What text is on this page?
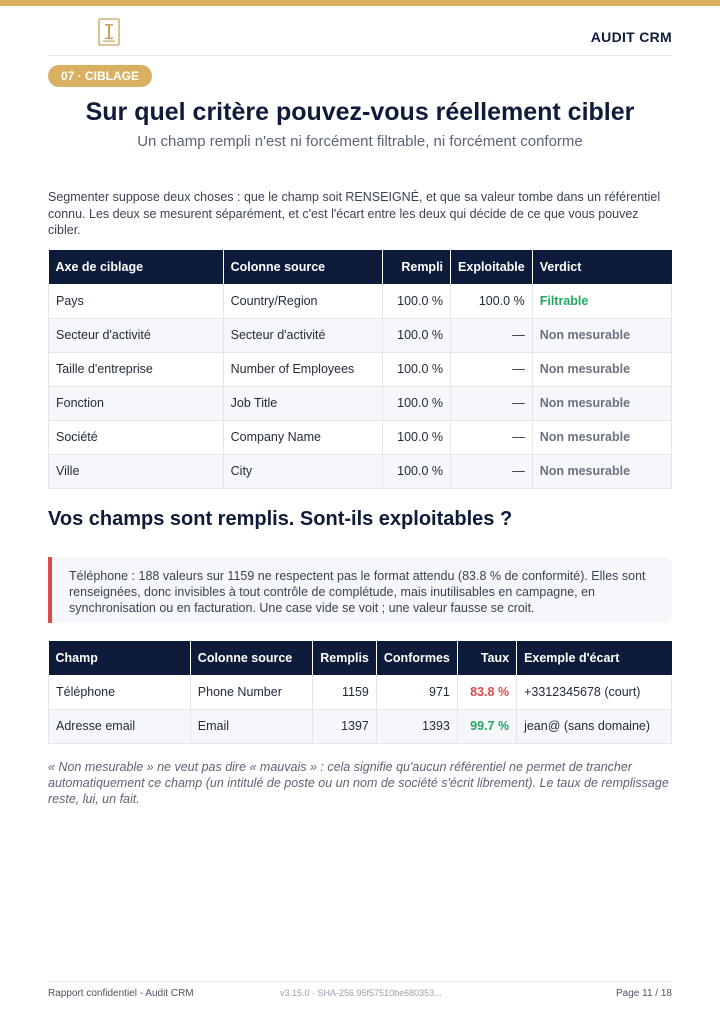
AUDIT CRM
07 · CIBLAGE
Sur quel critère pouvez-vous réellement cibler
Un champ rempli n'est ni forcément filtrable, ni forcément conforme
Segmenter suppose deux choses : que le champ soit RENSEIGNÉ, et que sa valeur tombe dans un référentiel connu. Les deux se mesurent séparément, et c'est l'écart entre les deux qui décide de ce que vous pouvez cibler.
Axe de ciblage	Colonne source	Rempli	Exploitable	Verdict
Pays	Country/Region	100.0 %	100.0 %	Filtrable
Secteur d'activité	Secteur d'activité	100.0 %	—	Non mesurable
Taille d'entreprise	Number of Employees	100.0 %	—	Non mesurable
Fonction	Job Title	100.0 %	—	Non mesurable
Société	Company Name	100.0 %	—	Non mesurable
Ville	City	100.0 %	—	Non mesurable
Vos champs sont remplis. Sont-ils exploitables ?
Téléphone : 188 valeurs sur 1159 ne respectent pas le format attendu (83.8 % de conformité). Elles sont renseignées, donc invisibles à tout contrôle de complétude, mais inutilisables en campagne, en synchronisation ou en facturation. Une case vide se voit ; une valeur fausse se croit.
Champ	Colonne source	Remplis	Conformes	Taux	Exemple d'écart
Téléphone	Phone Number	1159	971	83.8 %	+3312345678 (court)
Adresse email	Email	1397	1393	99.7 %	jean@ (sans domaine)
« Non mesurable » ne veut pas dire « mauvais » : cela signifie qu'aucun référentiel ne permet de trancher automatiquement ce champ (un intitulé de poste ou un nom de société s'écrit librement). Le taux de remplissage reste, lui, un fait.
Rapport confidentiel - Audit CRM	v3.15.0 · SHA-256 95f57510be680353...	Page 11 / 18
